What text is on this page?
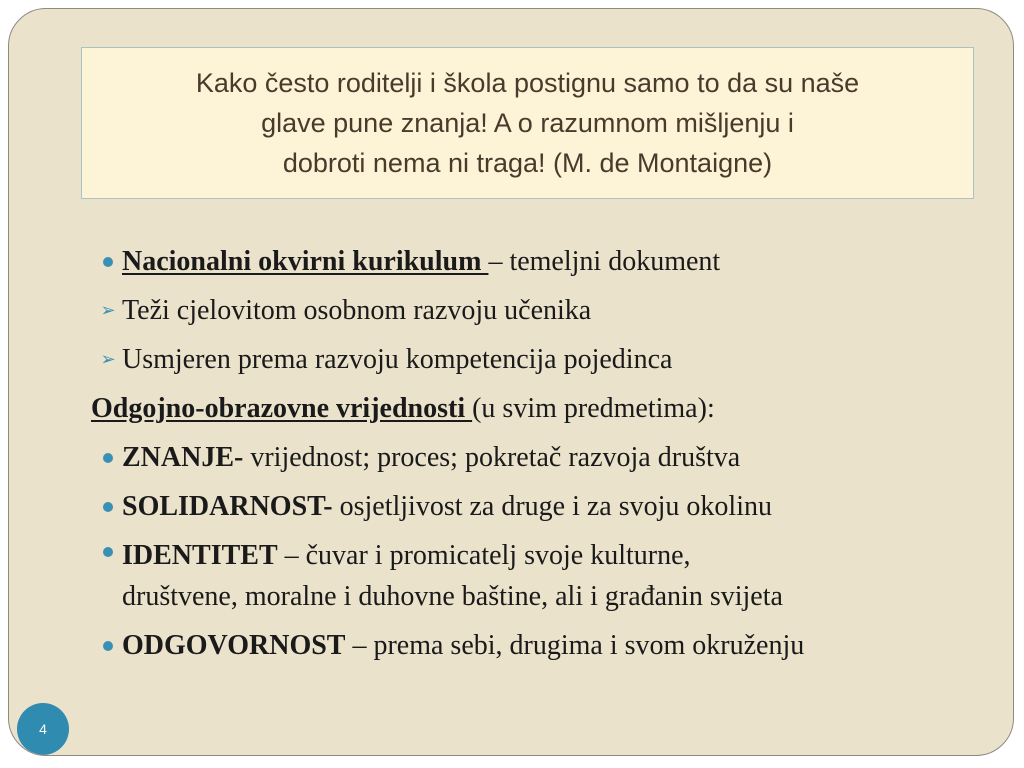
Kako često roditelji i škola postignu samo to da su naše
glave pune znanja! A o razumnom mišljenju i
dobroti nema ni traga! (M. de Montaigne)

Nacionalni okvirni kurikulum – temeljni dokument
➢ Teži cjelovitom osobnom razvoju učenika
➢ Usmjeren prema razvoju kompetencija pojedinca
Odgojno-obrazovne vrijednosti (u svim predmetima):
ZNANJE- vrijednost; proces; pokretač razvoja društva
SOLIDARNOST- osjetljivost za druge i za svoju okolinu
IDENTITET – čuvar i promicatelj svoje kulturne,
društvene, moralne i duhovne baštine, ali i građanin svijeta
ODGOVORNOST – prema sebi, drugima i svom okruženju
4
